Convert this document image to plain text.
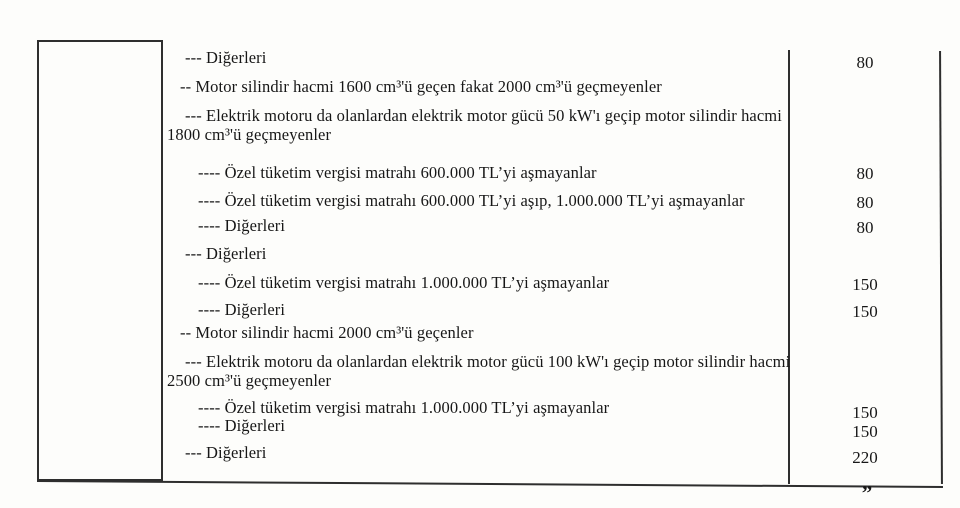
--- Diğerleri
-- Motor silindir hacmi 1600 cm³'ü geçen fakat 2000 cm³'ü geçmeyenler
--- Elektrik motoru da olanlardan elektrik motor gücü 50 kW'ı geçip motor silindir hacmi 1800 cm³'ü geçmeyenler
---- Özel tüketim vergisi matrahı 600.000 TL’yi aşmayanlar
---- Özel tüketim vergisi matrahı 600.000 TL’yi aşıp, 1.000.000 TL’yi aşmayanlar
---- Diğerleri
--- Diğerleri
---- Özel tüketim vergisi matrahı 1.000.000 TL’yi aşmayanlar
---- Diğerleri
-- Motor silindir hacmi 2000 cm³'ü geçenler
--- Elektrik motoru da olanlardan elektrik motor gücü 100 kW'ı geçip motor silindir hacmi 2500 cm³'ü geçmeyenler
---- Özel tüketim vergisi matrahı 1.000.000 TL’yi aşmayanlar
---- Diğerleri
--- Diğerleri
80
80
80
80
150
150
150
150
220
”
